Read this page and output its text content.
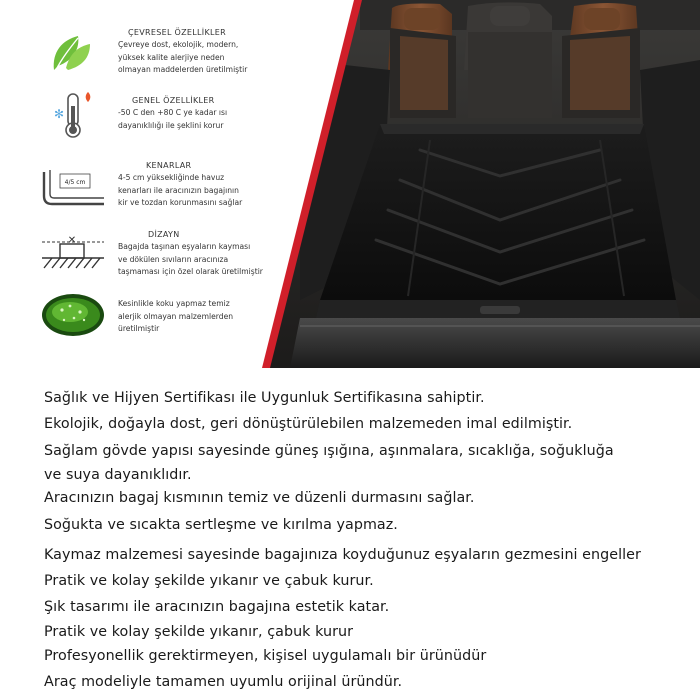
ÇEVRESEL ÖZELLİKLER
Çevreye dost, ekolojik, modern,
yüksek kalite alerjiye neden
olmayan maddelerden üretilmiştir
✻
GENEL ÖZELLİKLER
-50 C den +80 C ye kadar ısı
dayanıklılığı ile şeklini korur
4/5 cm
KENARLAR
4-5 cm yüksekliğinde havuz
kenarları ile aracınızın bagajının
kir ve tozdan korunmasını sağlar
✕
DİZAYN
Bagajda taşınan eşyaların kayması
ve dökülen sıvıların aracınıza
taşmaması için özel olarak üretilmiştir
Kesinlikle koku yapmaz temiz
alerjik olmayan malzemlerden
üretilmiştir
Sağlık ve Hijyen Sertifikası ile Uygunluk Sertifikasına sahiptir.
Ekolojik, doğayla dost, geri dönüştürülebilen malzemeden imal edilmiştir.
Sağlam gövde yapısı sayesinde güneş ışığına, aşınmalara, sıcaklığa, soğukluğa
ve suya dayanıklıdır.
Aracınızın bagaj kısmının temiz ve düzenli durmasını sağlar.
Soğukta ve sıcakta sertleşme ve kırılma yapmaz.
Kaymaz malzemesi sayesinde bagajınıza koyduğunuz eşyaların gezmesini engeller
Pratik ve kolay şekilde yıkanır ve çabuk kurur.
Şık tasarımı ile aracınızın bagajına estetik katar.
Pratik ve kolay şekilde yıkanır, çabuk kurur
Profesyonellik gerektirmeyen, kişisel uygulamalı bir ürünüdür
Araç modeliyle tamamen uyumlu orijinal üründür.
